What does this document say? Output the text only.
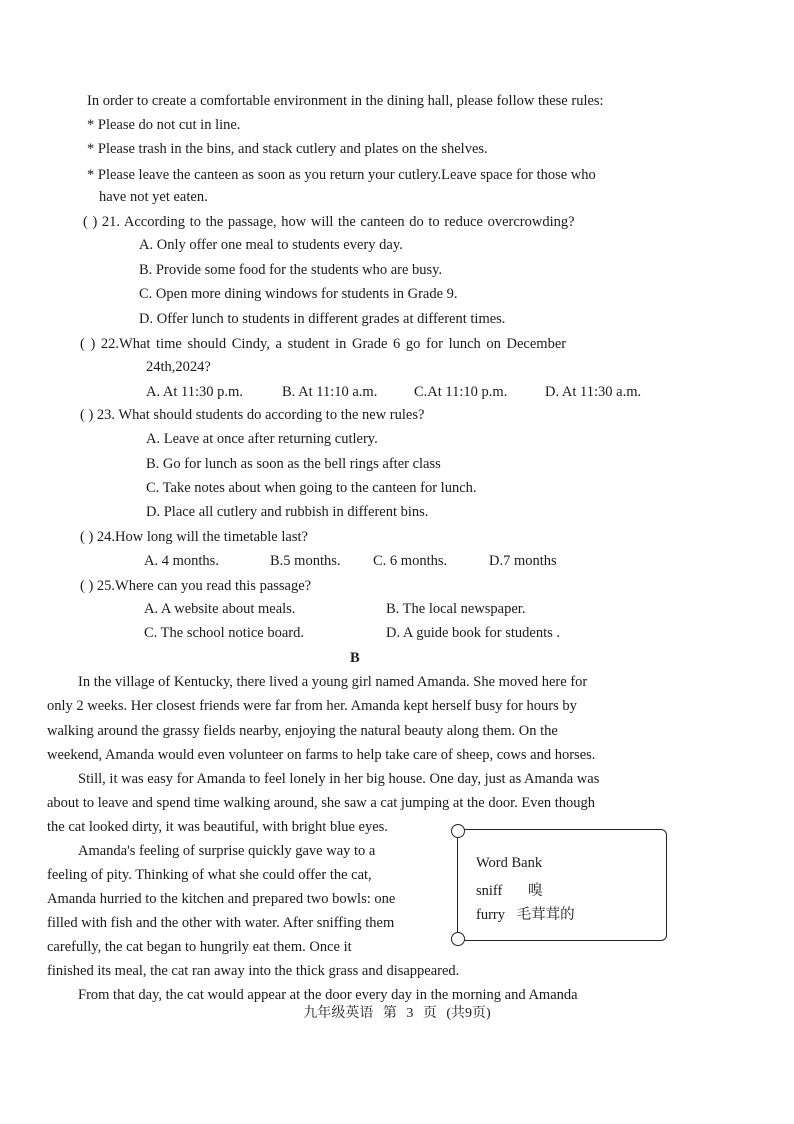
In order to create a comfortable environment in the dining hall, please follow these rules:
* Please do not cut in line.
* Please trash in the bins, and stack cutlery and plates on the shelves.
* Please leave the canteen as soon as you return your cutlery.Leave space for those who
have not yet eaten.
( ) 21. According to the passage, how will the canteen do to reduce overcrowding?
A. Only offer one meal to students every day.
B. Provide some food for the students who are busy.
C. Open more dining windows for students in Grade 9.
D. Offer lunch to students in different grades at different times.
( ) 22.What time should Cindy, a student in Grade 6 go for lunch on December
24th,2024?
A. At 11:30 p.m.	B. At 11:10 a.m.	C.At 11:10 p.m.	D. At 11:30 a.m.
( ) 23. What should students do according to the new rules?
A. Leave at once after returning cutlery.
B. Go for lunch as soon as the bell rings after class
C. Take notes about when going to the canteen for lunch.
D. Place all cutlery and rubbish in different bins.
( ) 24.How long will the timetable last?
A. 4 months.	B.5 months. C. 6 months.	D.7 months
( ) 25.Where can you read this passage?
A. A website about meals.	B. The local newspaper.
C. The school notice board.	D. A guide book for students .
B
In the village of Kentucky, there lived a young girl named Amanda. She moved here for
only 2 weeks. Her closest friends were far from her. Amanda kept herself busy for hours by
walking around the grassy fields nearby, enjoying the natural beauty along them. On the
weekend, Amanda would even volunteer on farms to help take care of sheep, cows and horses.
Still, it was easy for Amanda to feel lonely in her big house. One day, just as Amanda was
about to leave and spend time walking around, she saw a cat jumping at the door. Even though
the cat looked dirty, it was beautiful, with bright blue eyes.
Amanda's feeling of surprise quickly gave way to a
feeling of pity. Thinking of what she could offer the cat,
Amanda hurried to the kitchen and prepared two bowls: one
filled with fish and the other with water. After sniffing them
carefully, the cat began to hungrily eat them. Once it
finished its meal, the cat ran away into the thick grass and disappeared.
From that day, the cat would appear at the door every day in the morning and Amanda
Word Bank
sniff 嗅
furry 毛茸茸的
九年级英语 第 3 页 (共9页)
